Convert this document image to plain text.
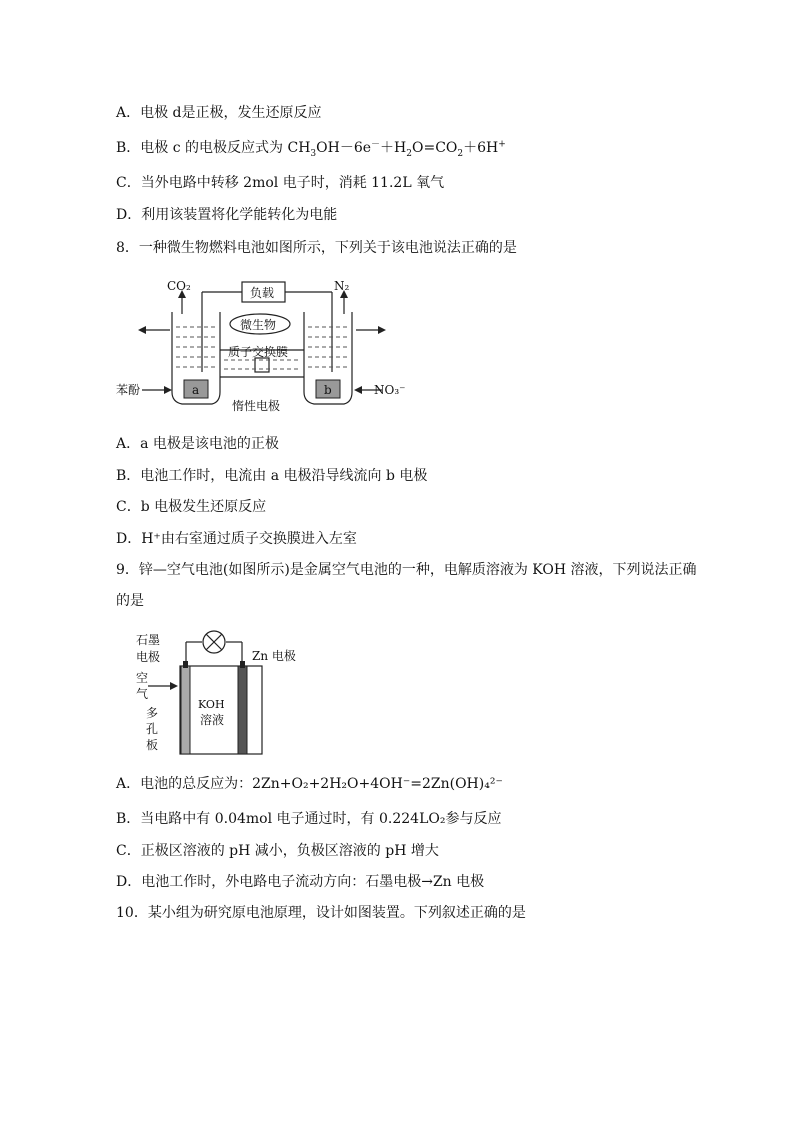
A．电极 d是正极，发生还原反应
B．电极 c 的电极反应式为 $CH_3OH-6e^-+H_2O=CO_2+6H^+$
C．当外电路中转移 2mol 电子时，消耗 11.2L 氧气
D．利用该装置将化学能转化为电能
8．一种微生物燃料电池如图所示，下列关于该电池说法正确的是
CO₂	负载	N₂
微生物
质子交换膜
苯酚	a	b
惰性电极
NO₃⁻
A．a 电极是该电池的正极
B．电池工作时，电流由 a 电极沿导线流向 b 电极
C．b 电极发生还原反应
D．H⁺由右室通过质子交换膜进入左室
9．锌—空气电池(如图所示)是金属空气电池的一种，电解质溶液为 KOH 溶液，下列说法正确
的是
石墨
电极	Zn 电极
空
气
多
孔
板
KOH
溶液
A．电池的总反应为：2Zn+O₂+2H₂O+4OH⁻=2Zn(OH)₄²⁻
B．当电路中有 0.04mol 电子通过时，有 0.224LO₂参与反应
C．正极区溶液的 pH 减小，负极区溶液的 pH 增大
D．电池工作时，外电路电子流动方向：石墨电极→Zn 电极
10．某小组为研究原电池原理，设计如图装置。下列叙述正确的是
